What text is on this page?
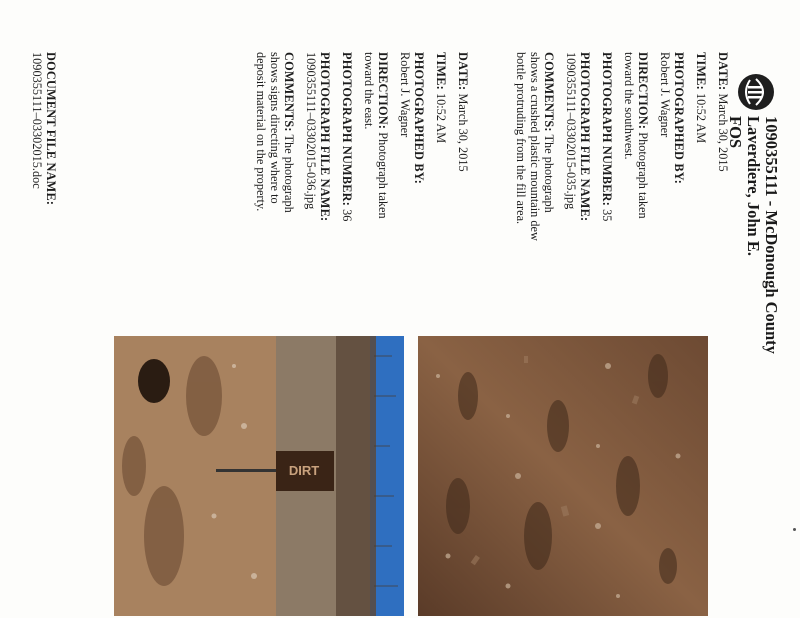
1090355111 - McDonough County
Laverdiere, John E.
FOS
DATE: March 30, 2015
TIME: 10:52 AM
PHOTOGRAPHED BY:
Robert J. Wagner
DIRECTION: Photograph taken toward the southwest.
PHOTOGRAPH NUMBER: 35
PHOTOGRAPH FILE NAME:
1090355111–03302015-035.jpg
COMMENTS: The photograph shows a crushed plastic mountain dew bottle protruding from the fill area.
DATE: March 30, 2015
TIME: 10:52 AM
PHOTOGRAPHED BY:
Robert J. Wagner
DIRECTION: Photograph taken toward the east.
PHOTOGRAPH NUMBER: 36
PHOTOGRAPH FILE NAME:
1090355111–03302015-036.jpg
COMMENTS: The photograph shows signs directing where to deposit material on the property.
DOCUMENT FILE NAME:
1090355111–03302015.doc
DIRT
